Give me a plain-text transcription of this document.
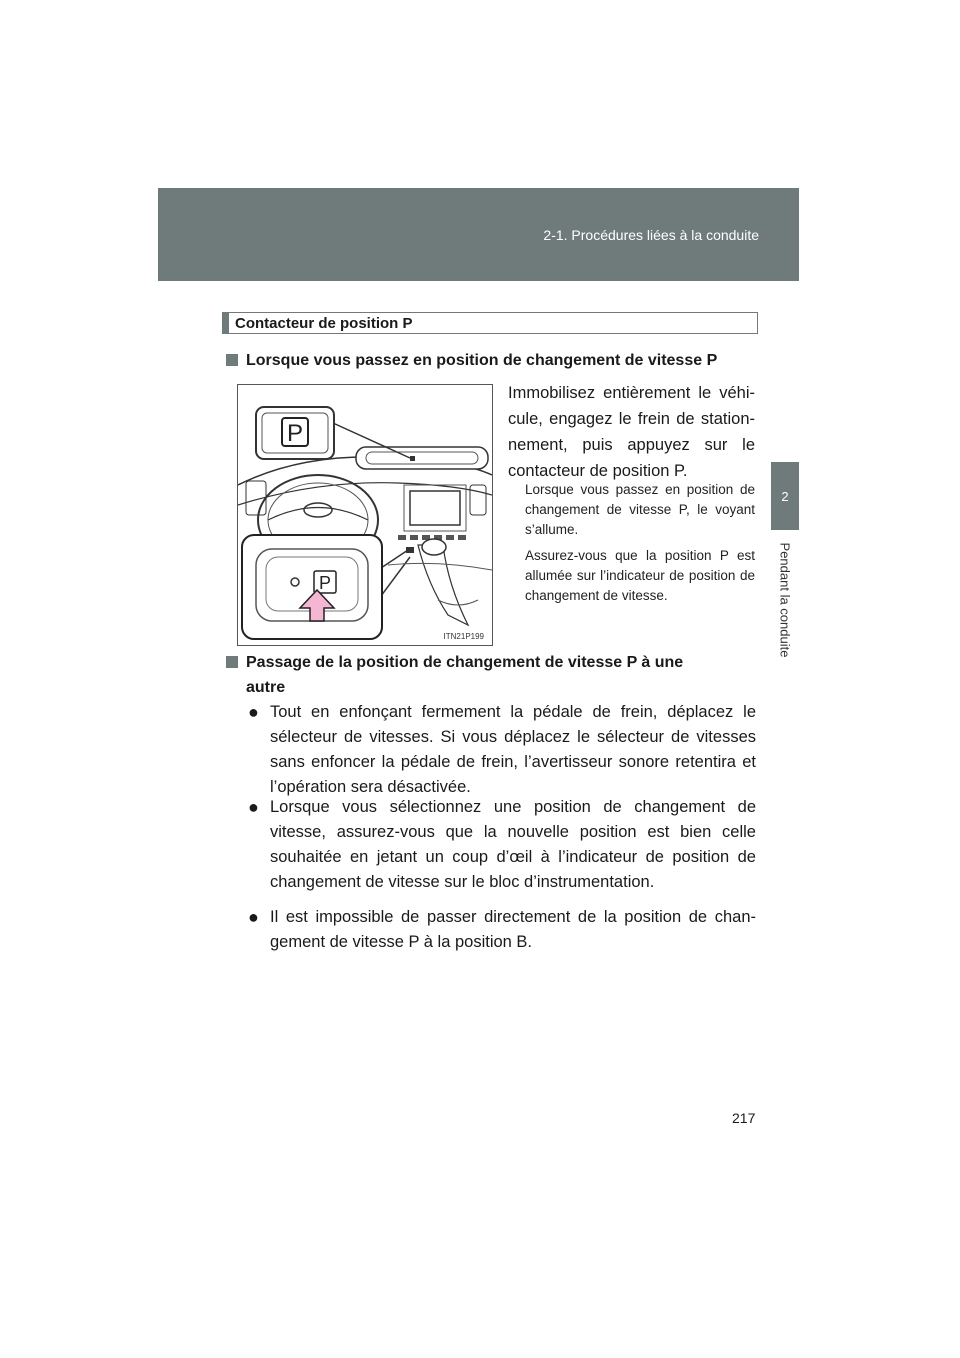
2-1. Procédures liées à la conduite
2
Pendant la conduite
Contacteur de position P
Lorsque vous passez en position de changement de vitesse P
P
P
ITN21P199
Immobilisez entièrement le véhi-cule, engagez le frein de station-nement, puis appuyez sur le contacteur de position P.
Lorsque vous passez en position de changement de vitesse P, le voyant s’allume.
Assurez-vous que la position P est allumée sur l’indicateur de position de changement de vitesse.
Passage de la position de changement de vitesse P à une
autre
● Tout en enfonçant fermement la pédale de frein, déplacez le sélecteur de vitesses. Si vous déplacez le sélecteur de vitesses sans enfoncer la pédale de frein, l’avertisseur sonore retentira et l’opération sera désactivée.
● Lorsque vous sélectionnez une position de changement de vitesse, assurez-vous que la nouvelle position est bien celle souhaitée en jetant un coup d’œil à l’indicateur de position de changement de vitesse sur le bloc d’instrumentation.
● Il est impossible de passer directement de la position de chan-gement de vitesse P à la position B.
217
